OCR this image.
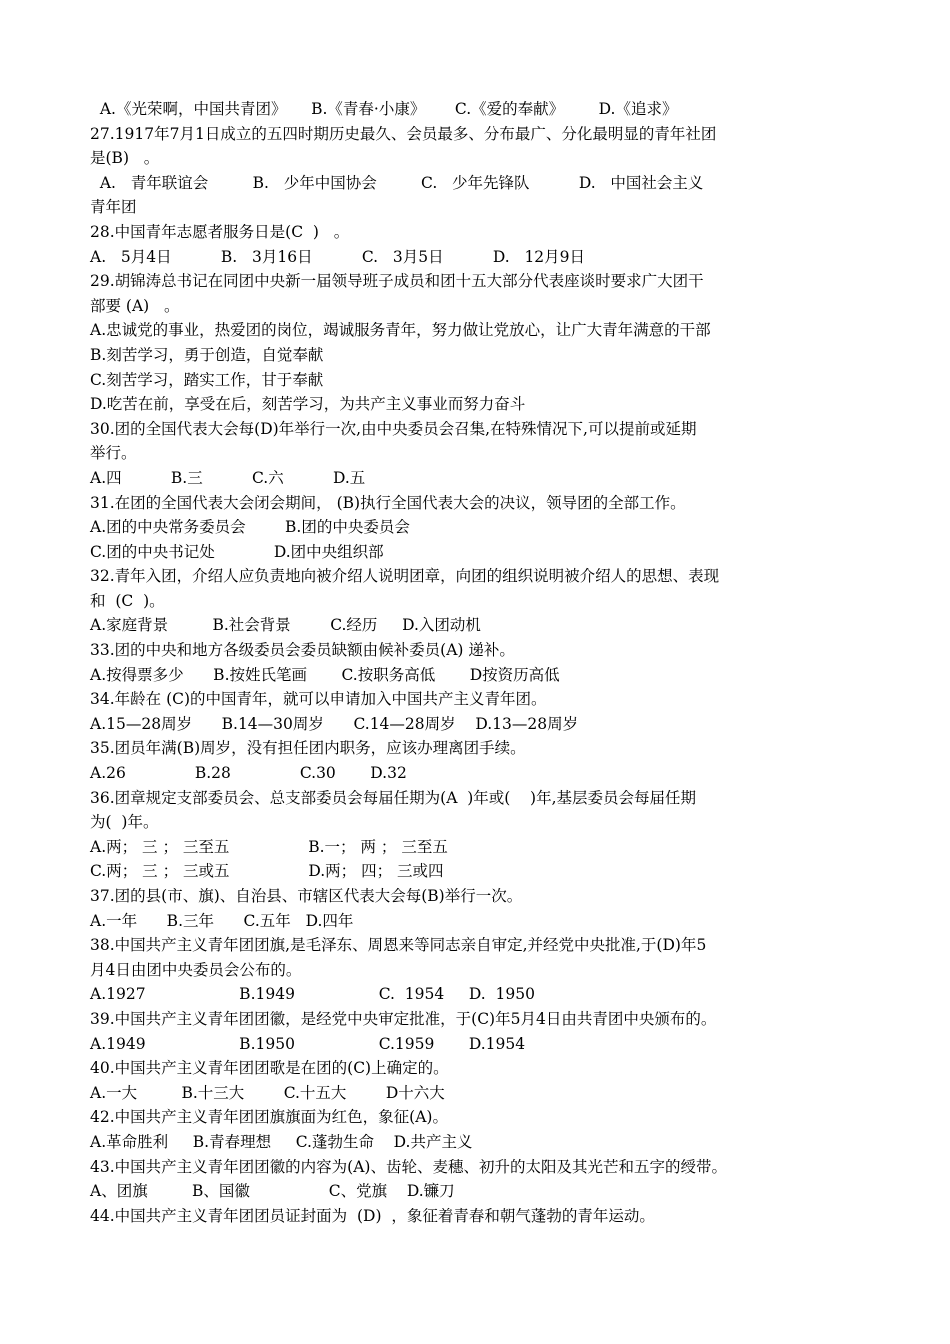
A.《光荣啊，中国共青团》     B.《青春·小康》      C.《爱的奉献》       D.《追求》
27.1917年7月1日成立的五四时期历史最久、会员最多、分布最广、分化最明显的青年社团
是(B)   。
A.   青年联谊会         B.   少年中国协会         C.   少年先锋队          D.   中国社会主义
青年团
28.中国青年志愿者服务日是(C  )   。
A.   5月4日          B.   3月16日          C.   3月5日          D.   12月9日
29.胡锦涛总书记在同团中央新一届领导班子成员和团十五大部分代表座谈时要求广大团干
部要 (A)   。
A.忠诚党的事业，热爱团的岗位，竭诚服务青年，努力做让党放心，让广大青年满意的干部
B.刻苦学习，勇于创造，自觉奉献
C.刻苦学习，踏实工作，甘于奉献
D.吃苦在前，享受在后，刻苦学习，为共产主义事业而努力奋斗
30.团的全国代表大会每(D)年举行一次,由中央委员会召集,在特殊情况下,可以提前或延期
举行。
A.四          B.三          C.六          D.五
31.在团的全国代表大会闭会期间， (B)执行全国代表大会的决议，领导团的全部工作。
A.团的中央常务委员会        B.团的中央委员会
C.团的中央书记处            D.团中央组织部
32.青年入团，介绍人应负责地向被介绍人说明团章，向团的组织说明被介绍人的思想、表现
和  (C  )。
A.家庭背景         B.社会背景        C.经历     D.入团动机
33.团的中央和地方各级委员会委员缺额由候补委员(A) 递补。
A.按得票多少      B.按姓氏笔画       C.按职务高低       D按资历高低
34.年龄在 (C)的中国青年，就可以申请加入中国共产主义青年团。
A.15—28周岁      B.14—30周岁      C.14—28周岁    D.13—28周岁
35.团员年满(B)周岁，没有担任团内职务，应该办理离团手续。
A.26              B.28              C.30       D.32
36.团章规定支部委员会、总支部委员会每届任期为(A  )年或(    )年,基层委员会每届任期
为(  )年。
A.两； 三 ； 三至五                B.一； 两 ； 三至五
C.两； 三 ； 三或五                D.两； 四； 三或四
37.团的县(市、旗)、自治县、市辖区代表大会每(B)举行一次。
A.一年      B.三年      C.五年   D.四年
38.中国共产主义青年团团旗,是毛泽东、周恩来等同志亲自审定,并经党中央批准,于(D)年5
月4日由团中央委员会公布的。
A.1927                   B.1949                 C.  1954     D.  1950
39.中国共产主义青年团团徽，是经党中央审定批准，于(C)年5月4日由共青团中央颁布的。
A.1949                   B.1950                 C.1959       D.1954
40.中国共产主义青年团团歌是在团的(C)上确定的。
A.一大         B.十三大        C.十五大        D十六大
42.中国共产主义青年团团旗旗面为红色，象征(A)。
A.革命胜利     B.青春理想     C.蓬勃生命    D.共产主义
43.中国共产主义青年团团徽的内容为(A)、齿轮、麦穗、初升的太阳及其光芒和五字的绶带。
A、团旗         B、国徽                C、党旗    D.镰刀
44.中国共产主义青年团团员证封面为  (D)  ，象征着青春和朝气蓬勃的青年运动。
